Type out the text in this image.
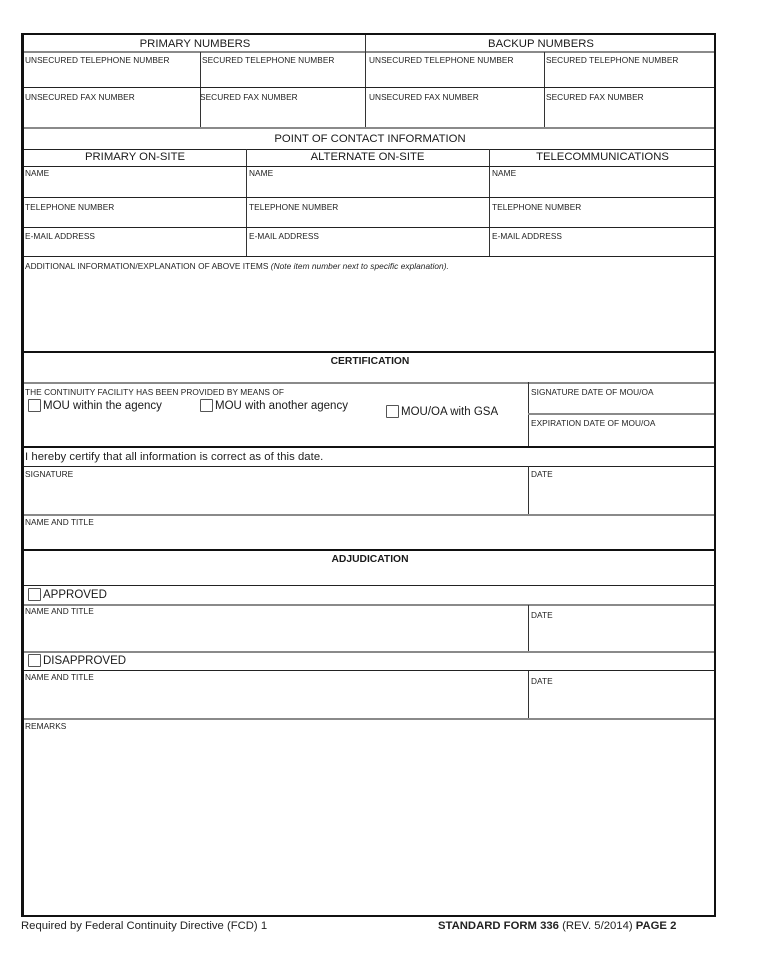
PRIMARY NUMBERS	BACKUP NUMBERS
UNSECURED TELEPHONE NUMBER	SECURED TELEPHONE NUMBER	UNSECURED TELEPHONE NUMBER	SECURED TELEPHONE NUMBER
UNSECURED FAX NUMBER	SECURED FAX NUMBER	UNSECURED FAX NUMBER	SECURED FAX NUMBER
POINT OF CONTACT INFORMATION
PRIMARY ON-SITE	ALTERNATE ON-SITE	TELECOMMUNICATIONS
NAME	NAME	NAME
TELEPHONE NUMBER	TELEPHONE NUMBER	TELEPHONE NUMBER
E-MAIL ADDRESS	E-MAIL ADDRESS	E-MAIL ADDRESS
ADDITIONAL INFORMATION/EXPLANATION OF ABOVE ITEMS (Note item number next to specific explanation).
CERTIFICATION
THE CONTINUITY FACILITY HAS BEEN PROVIDED BY MEANS OF
MOU within the agency	MOU with another agency	MOU/OA with GSA
SIGNATURE DATE OF MOU/OA
EXPIRATION DATE OF MOU/OA
I hereby certify that all information is correct as of this date.
SIGNATURE	DATE
NAME AND TITLE
ADJUDICATION
APPROVED
NAME AND TITLE	DATE
DISAPPROVED
NAME AND TITLE	DATE
REMARKS
Required by Federal Continuity Directive (FCD) 1	STANDARD FORM 336 (REV. 5/2014) PAGE 2
